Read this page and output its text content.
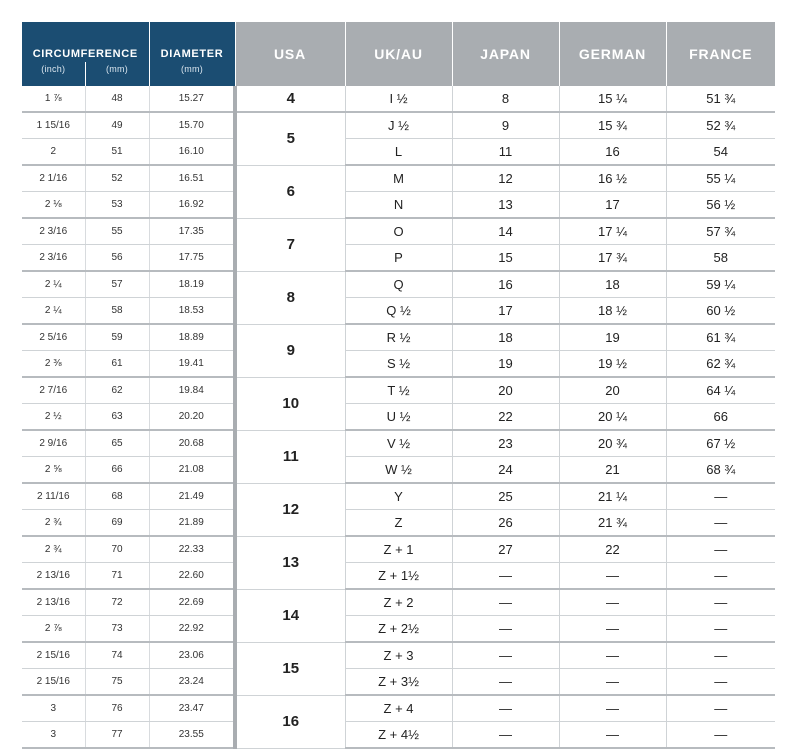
CIRCUMFERENCE		DIAMETER	USA	UK/AU	JAPAN	GERMAN	FRANCE
(inch)	(mm)	(mm)					
1 ⅞	48	15.27	4	I ½	8	15 ¼	51 ¾
1 15/16	49	15.70	5	J ½	9	15 ¾	52 ¾
2	51	16.10		L	11	16	54
2 1/16	52	16.51	6	M	12	16 ½	55 ¼
2 ⅛	53	16.92		N	13	17	56 ½
2 3/16	55	17.35	7	O	14	17 ¼	57 ¾
2 3/16	56	17.75		P	15	17 ¾	58
2 ¼	57	18.19	8	Q	16	18	59 ¼
2 ¼	58	18.53		Q ½	17	18 ½	60 ½
2 5/16	59	18.89	9	R ½	18	19	61 ¾
2 ⅜	61	19.41		S ½	19	19 ½	62 ¾
2 7/16	62	19.84	10	T ½	20	20	64 ¼
2 ½	63	20.20		U ½	22	20 ¼	66
2 9/16	65	20.68	11	V ½	23	20 ¾	67 ½
2 ⅝	66	21.08		W ½	24	21	68 ¾
2 11/16	68	21.49	12	Y	25	21 ¼	—
2 ¾	69	21.89		Z	26	21 ¾	—
2 ¾	70	22.33	13	Z + 1	27	22	—
2 13/16	71	22.60		Z + 1½	—	—	—
2 13/16	72	22.69	14	Z + 2	—	—	—
2 ⅞	73	22.92		Z + 2½	—	—	—
2 15/16	74	23.06	15	Z + 3	—	—	—
2 15/16	75	23.24		Z + 3½	—	—	—
3	76	23.47	16	Z + 4	—	—	—
3	77	23.55		Z + 4½	—	—	—
